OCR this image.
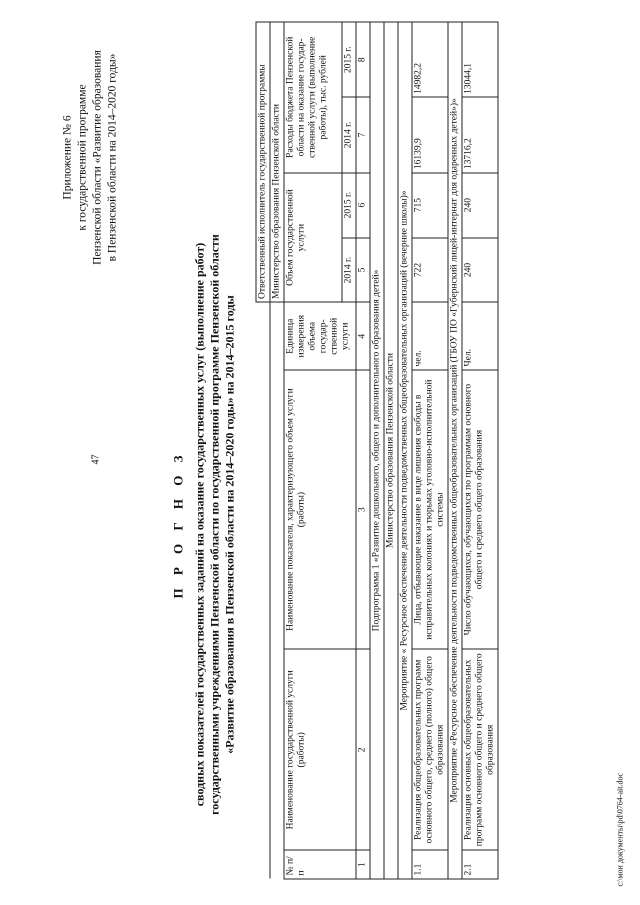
47
Приложение № 6 к государственной программе Пензенской области «Развитие образования в Пензенской области на 2014–2020 годы»
П Р О Г Н О З сводных показателей государственных заданий на оказание государственных услуг (выполнение работ) государственными учреждениями Пензенской области по государственной программе Пензенской области «Развитие образования в Пензенской области на 2014–2020 годы» на 2014–2015 годы
				Ответственный исполнитель государственной программы			
				Министерство образования Пензенской области			
№ п/п	Наименование государственной услуги (работы)	Наименование показателя, характеризующего объем услуги (работы)	Единица измерения объема государ-ственной услуги	Объем государственной услуги		Расходы бюджета Пензенской области на оказание государ-ственной услуги (выполнение работы), тыс. рублей	
				2014 г.	2015 г.	2014 г.	2015 г.
1	2	3	4	5	6	7	8
Подпрограмма 1 «Развитие дошкольного, общего и дополнительного образования детей»							
Министерство образования Пензенской области							
Мероприятие « Ресурсное обеспечение деятельности подведомственных общеобразовательных организаций (вечерние школы)»							
1.1	Реализация общеобразовательных программ основного общего, среднего (полного) общего образования	Лица, отбывающие наказание в виде лишения свободы в исправительных колониях и тюрьмах уголовно-исполнительной системы	чел.	722	715	16139,9	14982,2
Мероприятие «Ресурсное обеспечение деятельности подведомственных общеобразовательных организаций (ГБОУ ПО «Губернский лицей-интернат для одаренных детей»)»							
2.1	Реализация основных общеобразовательных программ основного общего и среднего общего образования	Число обучающихся, обучающихся по программам основного общего и среднего общего образования	Чел.	240	240	13716,2	13044,1
c:\мои документы\pd\0764-ait.doc
